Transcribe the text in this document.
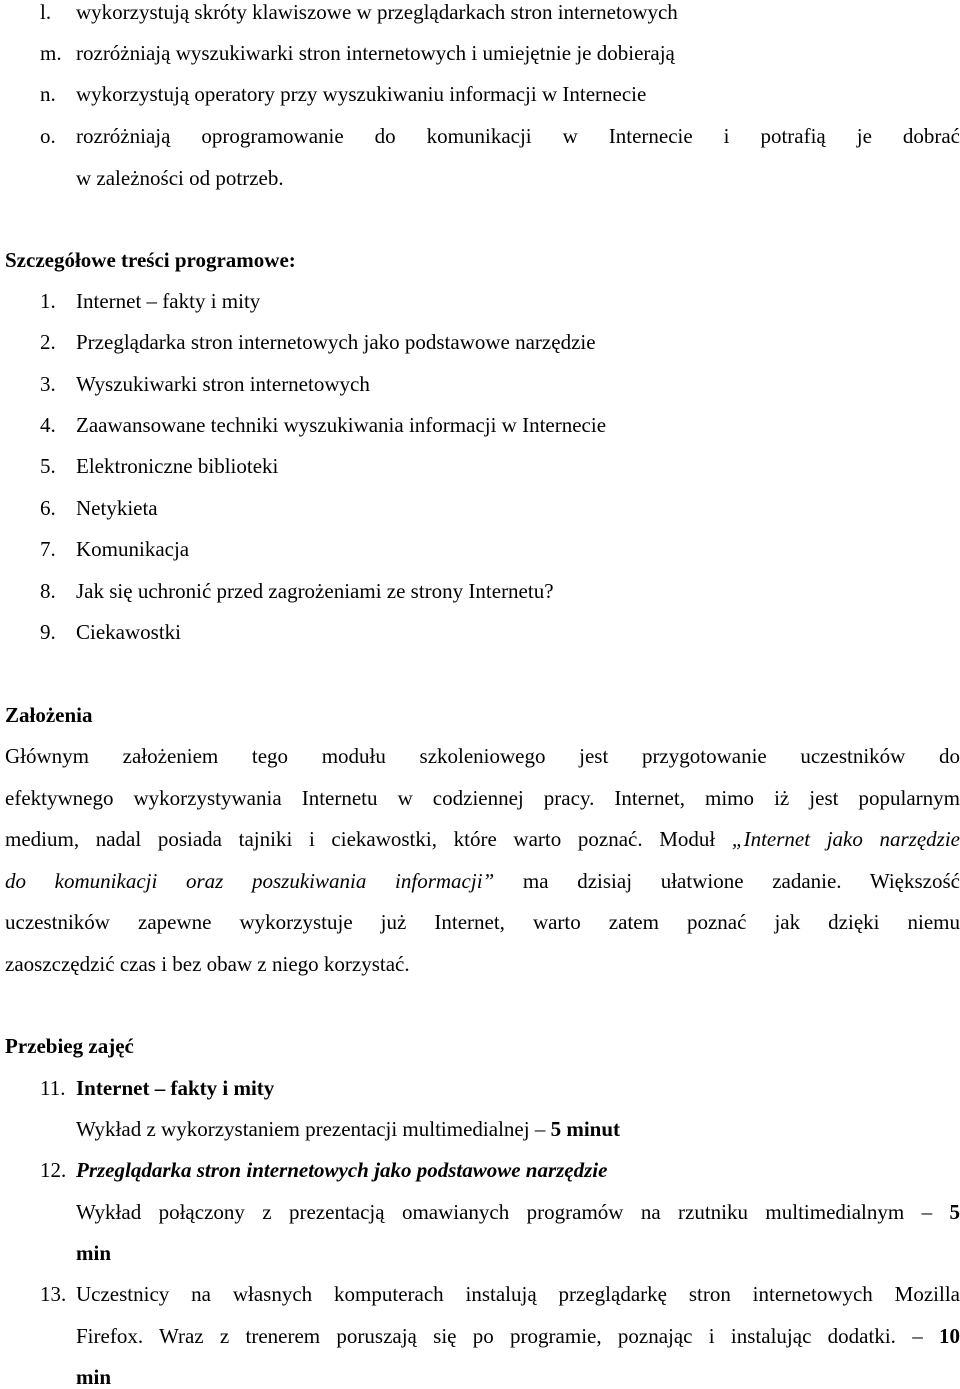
l. wykorzystują skróty klawiszowe w przeglądarkach stron internetowych
m. rozróżniają wyszukiwarki stron internetowych i umiejętnie je dobierają
n. wykorzystują operatory przy wyszukiwaniu informacji w Internecie
o. rozróżniają oprogramowanie do komunikacji w Internecie i potrafią je dobrać
w zależności od potrzeb.
Szczegółowe treści programowe:
1. Internet – fakty i mity
2. Przeglądarka stron internetowych jako podstawowe narzędzie
3. Wyszukiwarki stron internetowych
4. Zaawansowane techniki wyszukiwania informacji w Internecie
5. Elektroniczne biblioteki
6. Netykieta
7. Komunikacja
8. Jak się uchronić przed zagrożeniami ze strony Internetu?
9. Ciekawostki
Założenia
Głównym założeniem tego modułu szkoleniowego jest przygotowanie uczestników do
efektywnego wykorzystywania Internetu w codziennej pracy. Internet, mimo iż jest popularnym
medium, nadal posiada tajniki i ciekawostki, które warto poznać. Moduł „Internet jako narzędzie
do komunikacji oraz poszukiwania informacji” ma dzisiaj ułatwione zadanie. Większość
uczestników zapewne wykorzystuje już Internet, warto zatem poznać jak dzięki niemu
zaoszczędzić czas i bez obaw z niego korzystać.
Przebieg zajęć
11. Internet – fakty i mity
Wykład z wykorzystaniem prezentacji multimedialnej – 5 minut
12. Przeglądarka stron internetowych jako podstawowe narzędzie
Wykład połączony z prezentacją omawianych programów na rzutniku multimedialnym – 5
min
13. Uczestnicy na własnych komputerach instalują przeglądarkę stron internetowych Mozilla
Firefox. Wraz z trenerem poruszają się po programie, poznając i instalując dodatki. – 10
min
